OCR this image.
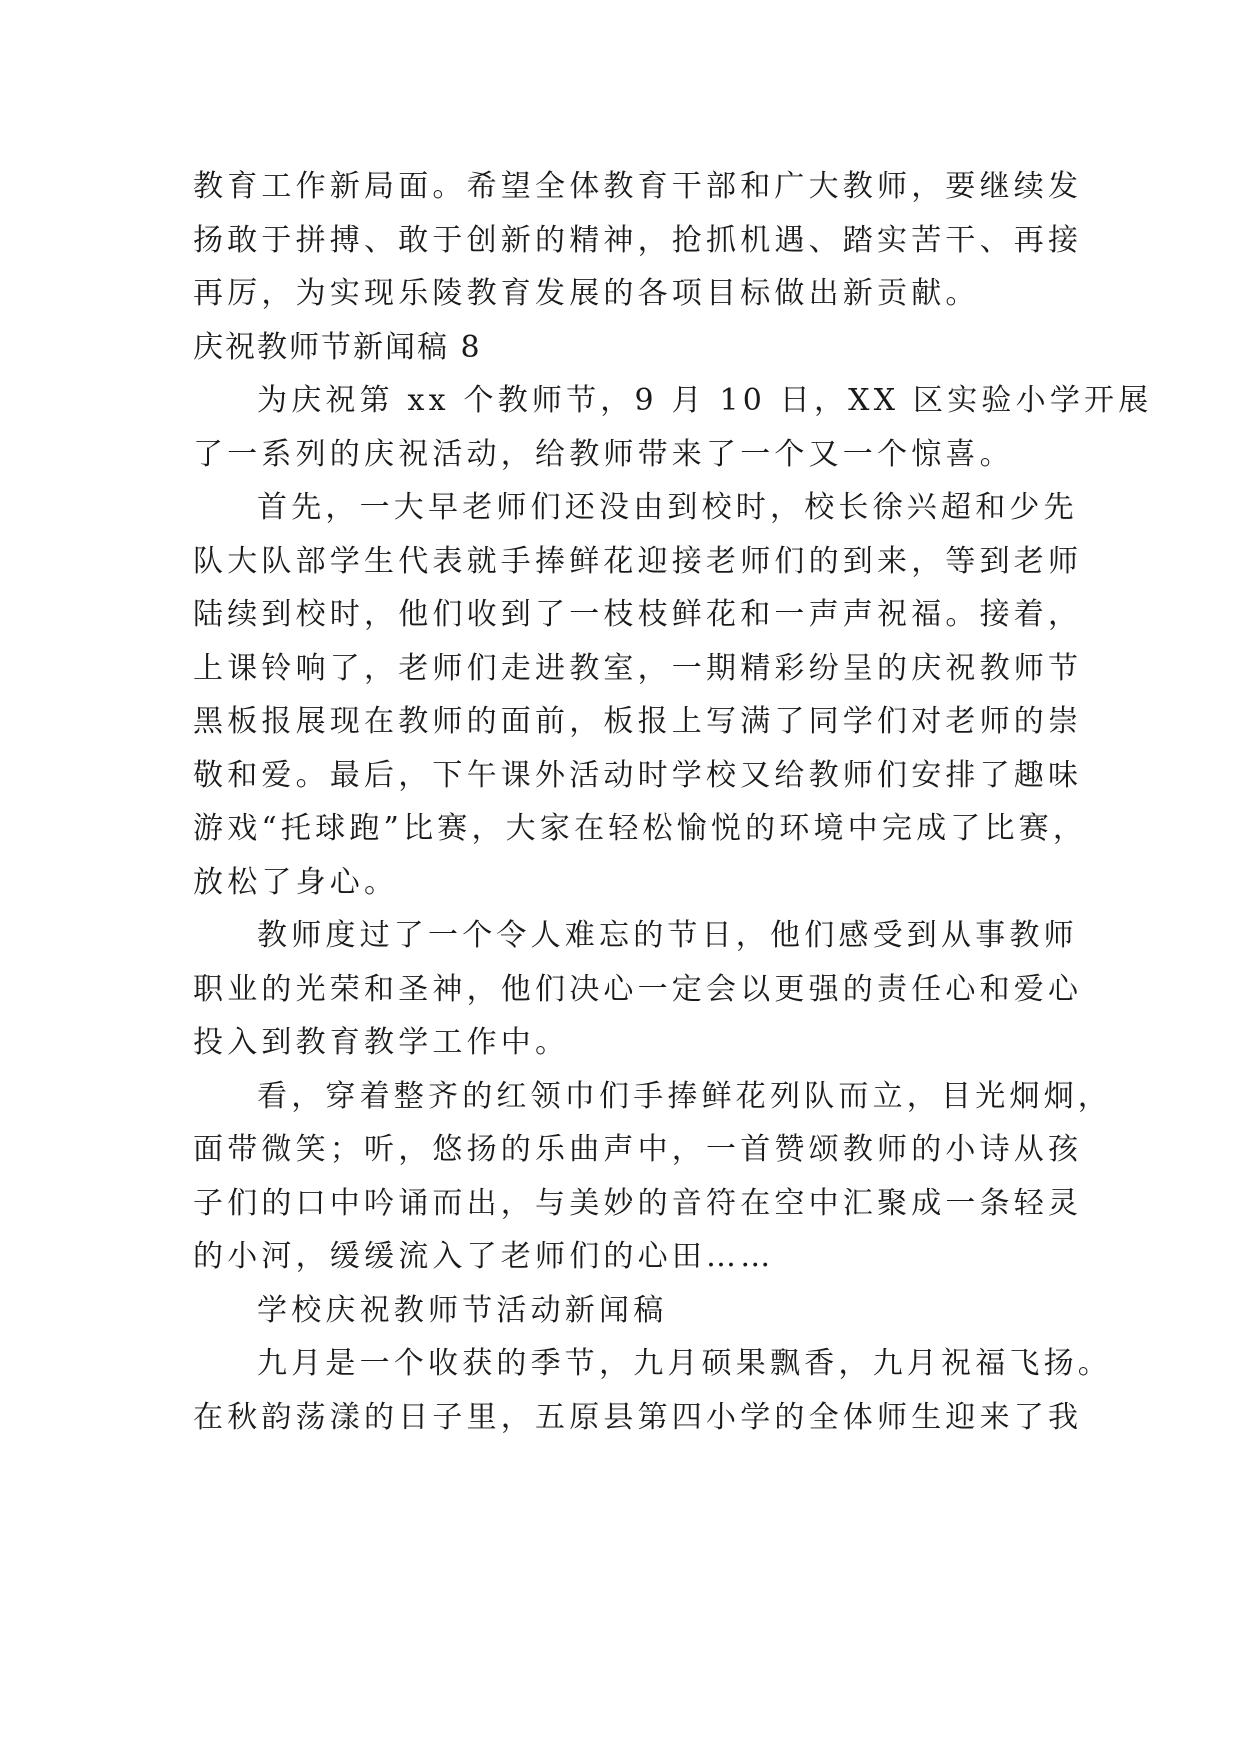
教育工作新局面。希望全体教育干部和广大教师，要继续发
扬敢于拼搏、敢于创新的精神，抢抓机遇、踏实苦干、再接
再厉，为实现乐陵教育发展的各项目标做出新贡献。
庆祝教师节新闻稿 8
为庆祝第 xx 个教师节，9 月 10 日，XX 区实验小学开展
了一系列的庆祝活动，给教师带来了一个又一个惊喜。
首先，一大早老师们还没由到校时，校长徐兴超和少先
队大队部学生代表就手捧鲜花迎接老师们的到来，等到老师
陆续到校时，他们收到了一枝枝鲜花和一声声祝福。接着，
上课铃响了，老师们走进教室，一期精彩纷呈的庆祝教师节
黑板报展现在教师的面前，板报上写满了同学们对老师的崇
敬和爱。最后，下午课外活动时学校又给教师们安排了趣味
游戏“托球跑”比赛，大家在轻松愉悦的环境中完成了比赛，
放松了身心。
教师度过了一个令人难忘的节日，他们感受到从事教师
职业的光荣和圣神，他们决心一定会以更强的责任心和爱心
投入到教育教学工作中。
看，穿着整齐的红领巾们手捧鲜花列队而立，目光炯炯，
面带微笑；听，悠扬的乐曲声中，一首赞颂教师的小诗从孩
子们的口中吟诵而出，与美妙的音符在空中汇聚成一条轻灵
的小河，缓缓流入了老师们的心田……
学校庆祝教师节活动新闻稿
九月是一个收获的季节，九月硕果飘香，九月祝福飞扬。
在秋韵荡漾的日子里，五原县第四小学的全体师生迎来了我
